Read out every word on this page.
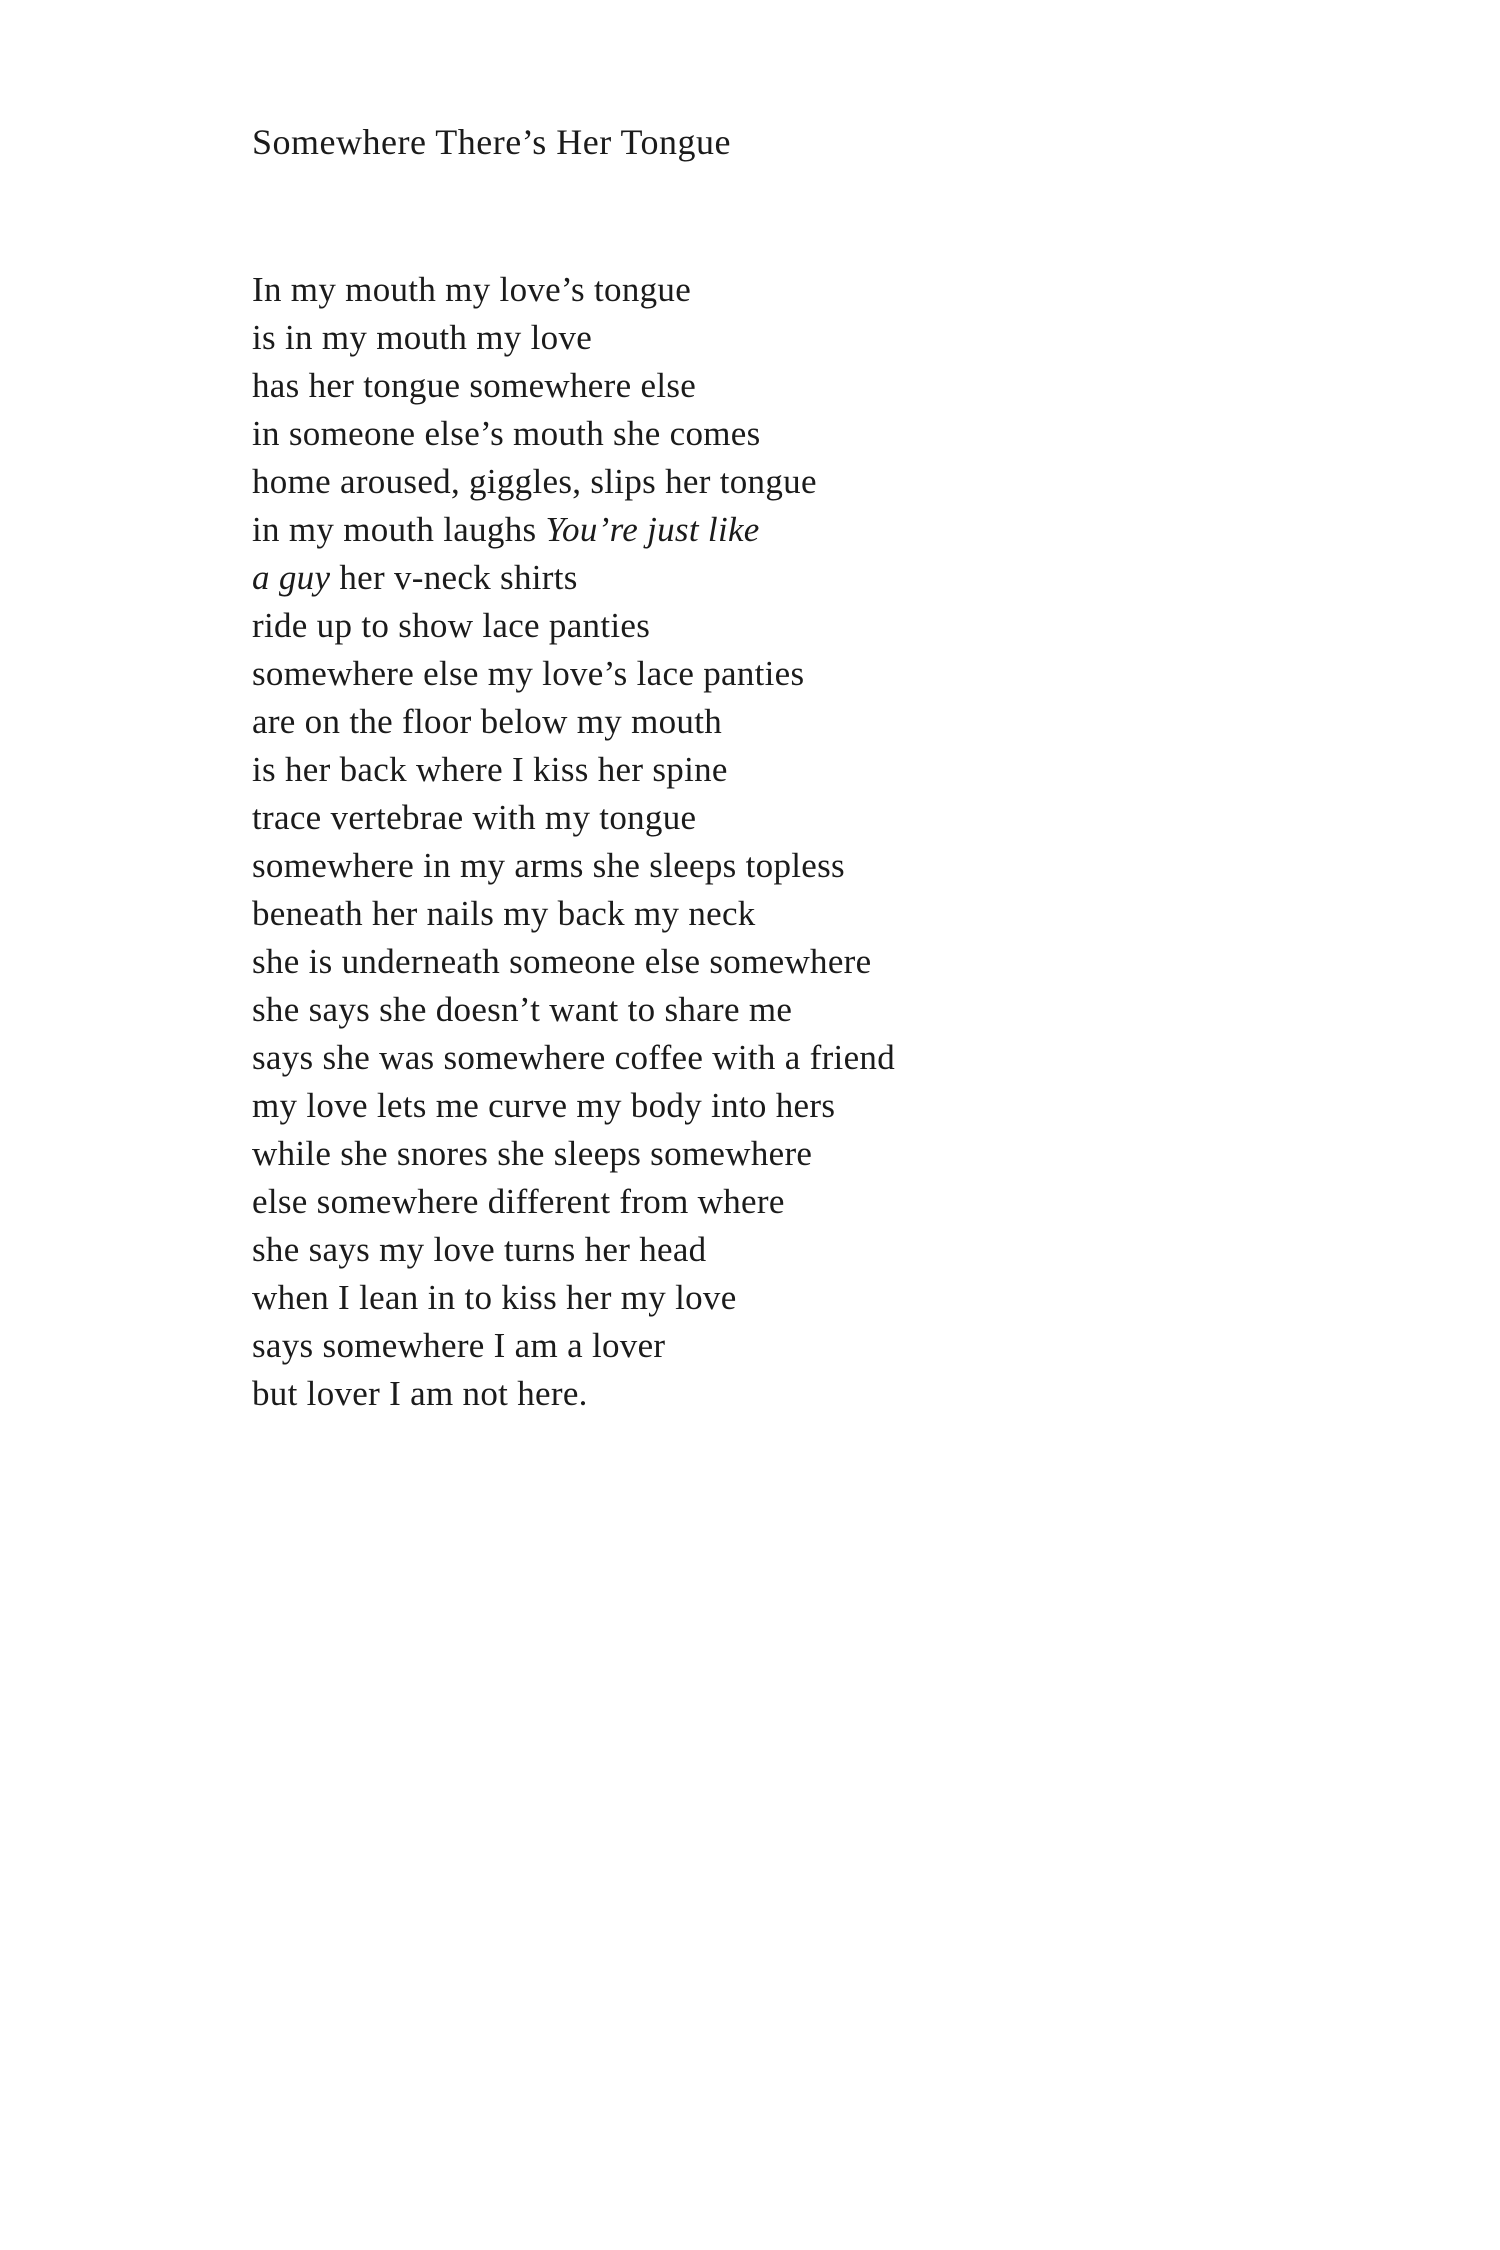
Somewhere There’s Her Tongue
In my mouth my love’s tongue
is in my mouth my love
has her tongue somewhere else
in someone else’s mouth she comes
home aroused, giggles, slips her tongue
in my mouth laughs You’re just like
a guy her v-neck shirts
ride up to show lace panties
somewhere else my love’s lace panties
are on the floor below my mouth
is her back where I kiss her spine
trace vertebrae with my tongue
somewhere in my arms she sleeps topless
beneath her nails my back my neck
she is underneath someone else somewhere
she says she doesn’t want to share me
says she was somewhere coffee with a friend
my love lets me curve my body into hers
while she snores she sleeps somewhere
else somewhere different from where
she says my love turns her head
when I lean in to kiss her my love
says somewhere I am a lover
but lover I am not here.
